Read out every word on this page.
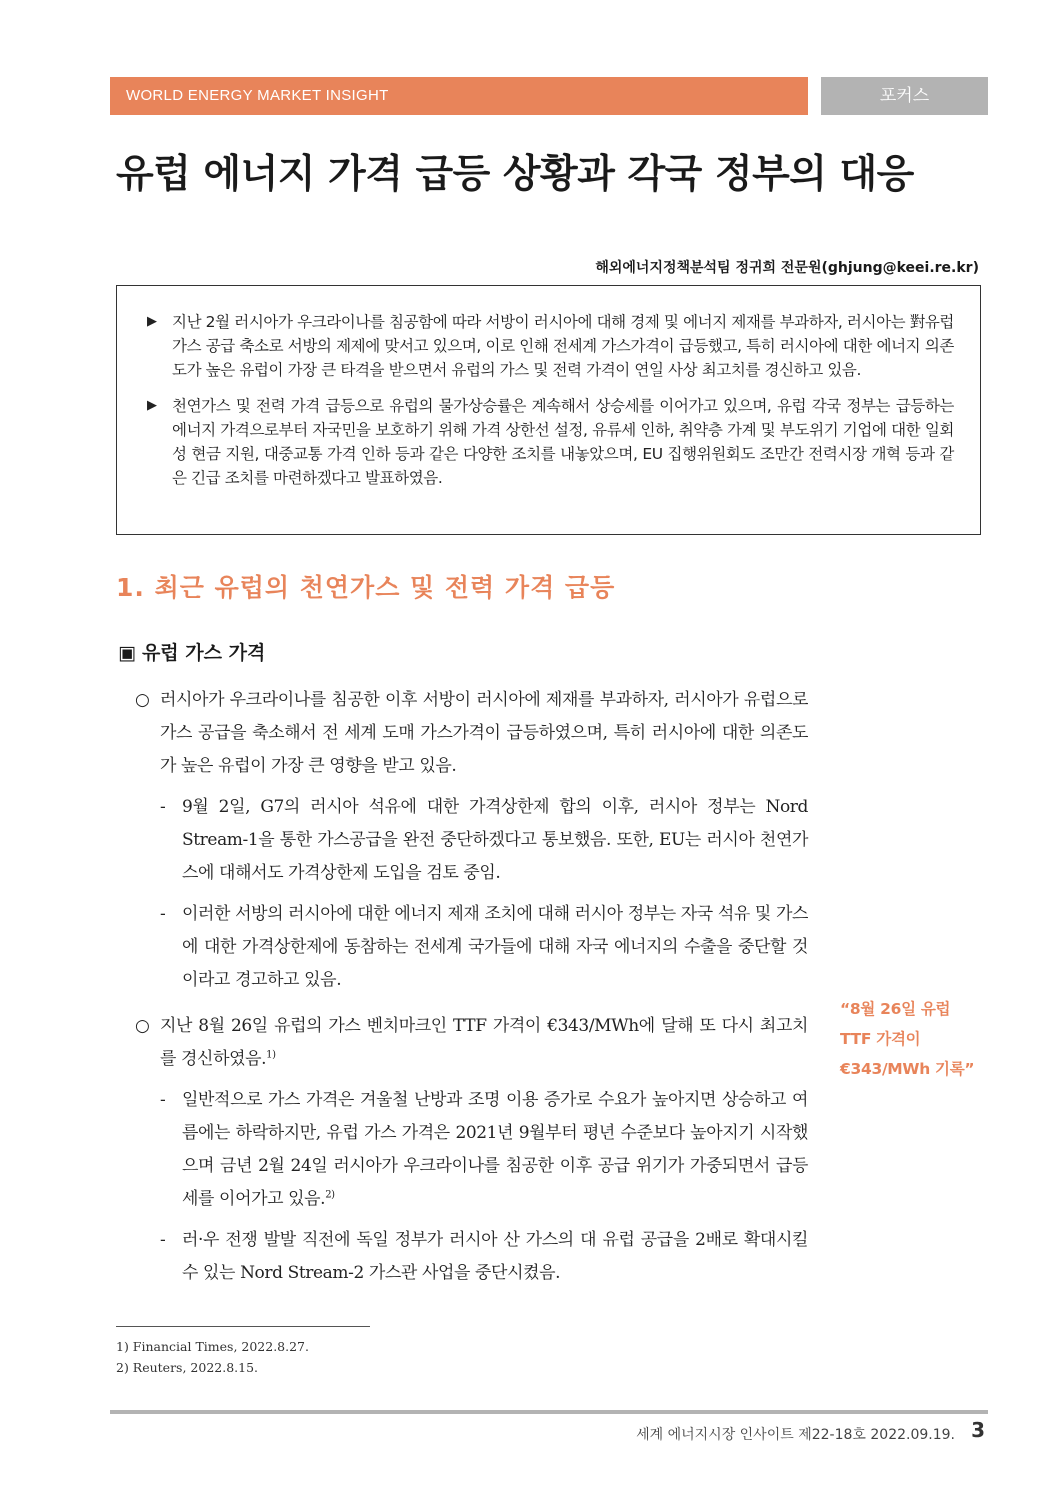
WORLD ENERGY MARKET INSIGHT	포커스
유럽 에너지 가격 급등 상황과 각국 정부의 대응
해외에너지정책분석팀 정귀희 전문원(ghjung@keei.re.kr)
▶ 지난 2월 러시아가 우크라이나를 침공함에 따라 서방이 러시아에 대해 경제 및 에너지 제재를 부과하자, 러시아는 對유럽 가스 공급 축소로 서방의 제제에 맞서고 있으며, 이로 인해 전세계 가스가격이 급등했고, 특히 러시아에 대한 에너지 의존도가 높은 유럽이 가장 큰 타격을 받으면서 유럽의 가스 및 전력 가격이 연일 사상 최고치를 경신하고 있음.
▶ 천연가스 및 전력 가격 급등으로 유럽의 물가상승률은 계속해서 상승세를 이어가고 있으며, 유럽 각국 정부는 급등하는 에너지 가격으로부터 자국민을 보호하기 위해 가격 상한선 설정, 유류세 인하, 취약층 가계 및 부도위기 기업에 대한 일회성 현금 지원, 대중교통 가격 인하 등과 같은 다양한 조치를 내놓았으며, EU 집행위원회도 조만간 전력시장 개혁 등과 같은 긴급 조치를 마련하겠다고 발표하였음.
1. 최근 유럽의 천연가스 및 전력 가격 급등
▣ 유럽 가스 가격
○ 러시아가 우크라이나를 침공한 이후 서방이 러시아에 제재를 부과하자, 러시아가 유럽으로 가스 공급을 축소해서 전 세계 도매 가스가격이 급등하였으며, 특히 러시아에 대한 의존도가 높은 유럽이 가장 큰 영향을 받고 있음.
- 9월 2일, G7의 러시아 석유에 대한 가격상한제 합의 이후, 러시아 정부는 Nord Stream-1을 통한 가스공급을 완전 중단하겠다고 통보했음. 또한, EU는 러시아 천연가스에 대해서도 가격상한제 도입을 검토 중임.
- 이러한 서방의 러시아에 대한 에너지 제재 조치에 대해 러시아 정부는 자국 석유 및 가스에 대한 가격상한제에 동참하는 전세계 국가들에 대해 자국 에너지의 수출을 중단할 것이라고 경고하고 있음.
○ 지난 8월 26일 유럽의 가스 벤치마크인 TTF 가격이 €343/MWh에 달해 또 다시 최고치를 경신하였음.$^{1)}$
- 일반적으로 가스 가격은 겨울철 난방과 조명 이용 증가로 수요가 높아지면 상승하고 여름에는 하락하지만, 유럽 가스 가격은 2021년 9월부터 평년 수준보다 높아지기 시작했으며 금년 2월 24일 러시아가 우크라이나를 침공한 이후 공급 위기가 가중되면서 급등세를 이어가고 있음.$^{2)}$
- 러·우 전쟁 발발 직전에 독일 정부가 러시아 산 가스의 대 유럽 공급을 2배로 확대시킬 수 있는 Nord Stream-2 가스관 사업을 중단시켰음.
“8월 26일 유럽
TTF 가격이
€343/MWh 기록”
1) Financial Times, 2022.8.27.
2) Reuters, 2022.8.15.
세계 에너지시장 인사이트 제22-18호 2022.09.19. 3
